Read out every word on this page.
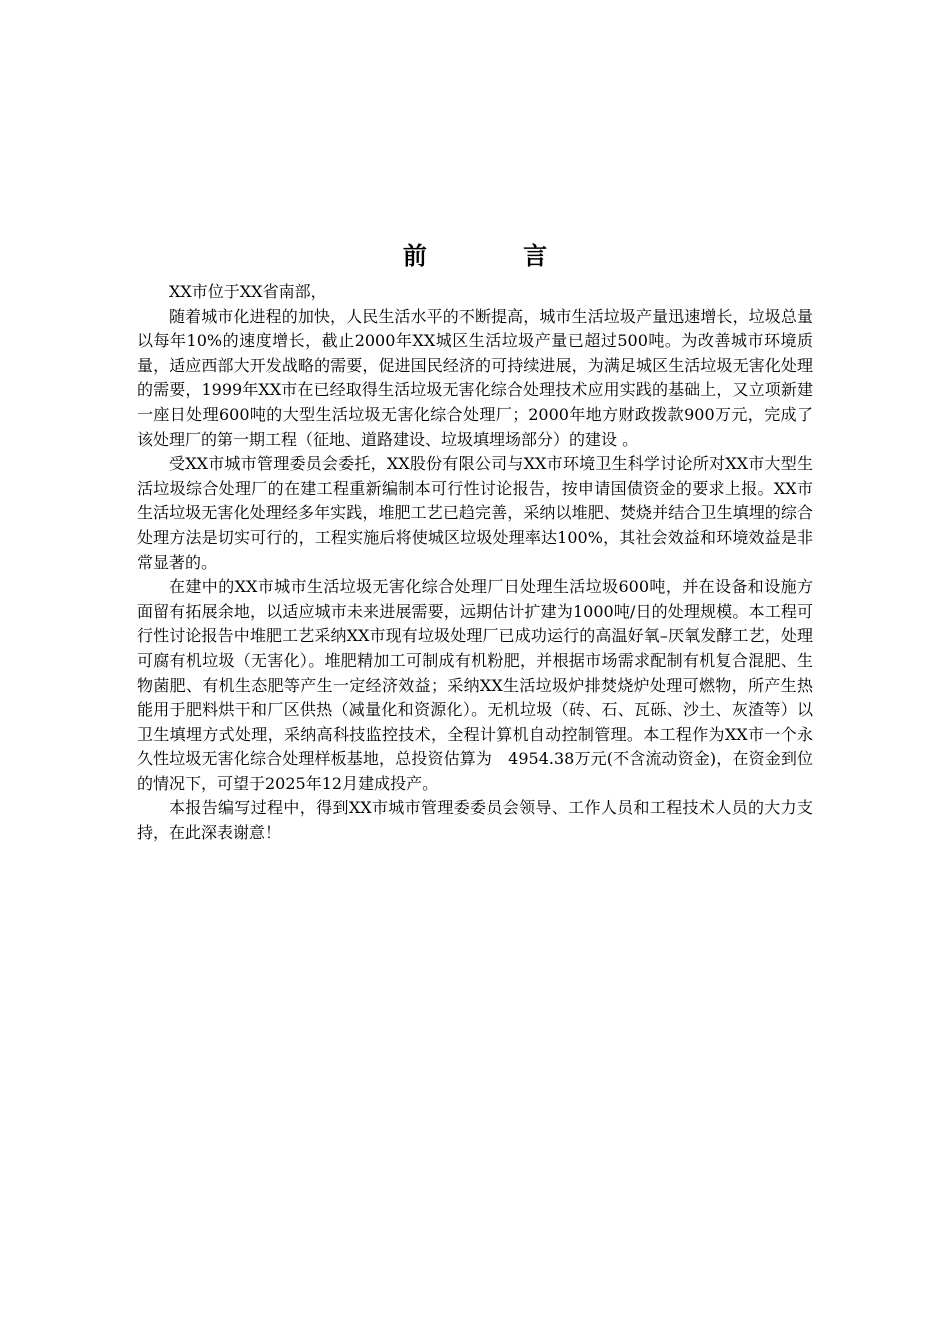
前 言

XX市位于XX省南部，

随着城市化进程的加快，人民生活水平的不断提高，城市生活垃圾产量迅速增长，垃圾总量以每年10%的速度增长，截止2000年XX城区生活垃圾产量已超过500吨。为改善城市环境质量，适应西部大开发战略的需要，促进国民经济的可持续进展，为满足城区生活垃圾无害化处理的需要，1999年XX市在已经取得生活垃圾无害化综合处理技术应用实践的基础上，又立项新建一座日处理600吨的大型生活垃圾无害化综合处理厂；2000年地方财政拨款900万元，完成了该处理厂的第一期工程（征地、道路建设、垃圾填埋场部分）的建设 。

受XX市城市管理委员会委托，XX股份有限公司与XX市环境卫生科学讨论所对XX市大型生活垃圾综合处理厂的在建工程重新编制本可行性讨论报告，按申请国债资金的要求上报。XX市生活垃圾无害化处理经多年实践，堆肥工艺已趋完善，采纳以堆肥、焚烧并结合卫生填埋的综合处理方法是切实可行的，工程实施后将使城区垃圾处理率达100%，其社会效益和环境效益是非常显著的。

在建中的XX市城市生活垃圾无害化综合处理厂日处理生活垃圾600吨，并在设备和设施方面留有拓展余地，以适应城市未来进展需要，远期估计扩建为1000吨/日的处理规模。本工程可行性讨论报告中堆肥工艺采纳XX市现有垃圾处理厂已成功运行的高温好氧–厌氧发酵工艺，处理可腐有机垃圾（无害化）。堆肥精加工可制成有机粉肥，并根据市场需求配制有机复合混肥、生物菌肥、有机生态肥等产生一定经济效益；采纳XX生活垃圾炉排焚烧炉处理可燃物，所产生热能用于肥料烘干和厂区供热（减量化和资源化）。无机垃圾（砖、石、瓦砾、沙土、灰渣等）以卫生填埋方式处理，采纳高科技监控技术，全程计算机自动控制管理。本工程作为XX市一个永久性垃圾无害化综合处理样板基地，总投资估算为　4954.38万元(不含流动资金)，在资金到位的情况下，可望于2025年12月建成投产。

本报告编写过程中，得到XX市城市管理委委员会领导、工作人员和工程技术人员的大力支持，在此深表谢意！
